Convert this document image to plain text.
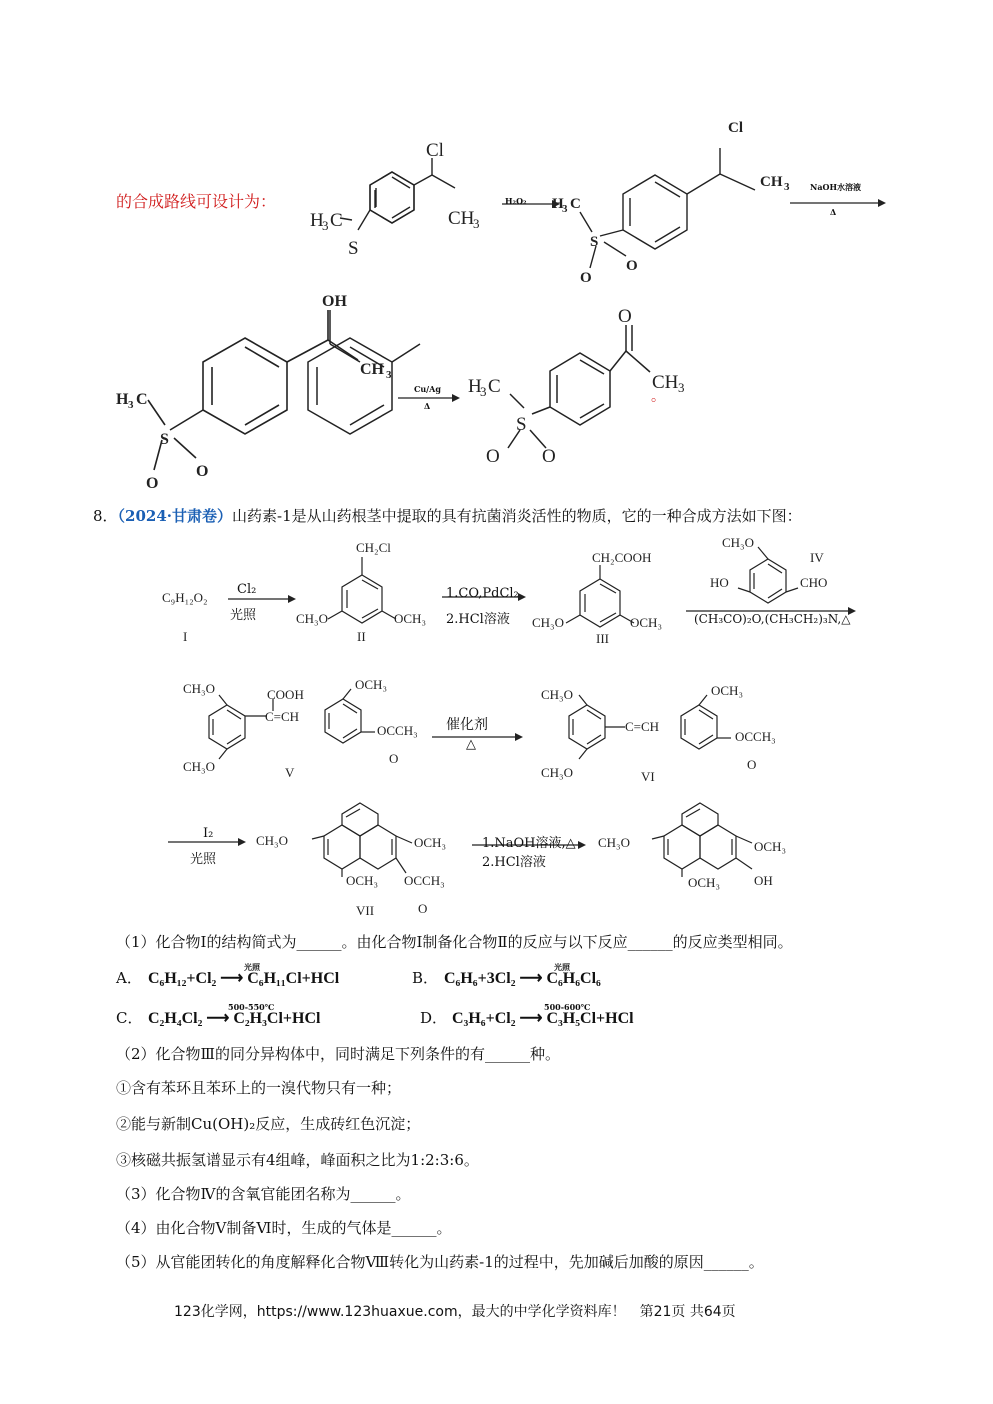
的合成路线可设计为：
Cl
CH
3
H
3 C
S
Cl
CH 3
H
3 C
S
O
O
H₂O₂
NaOH水溶液
Δ
OH
CH 3
H 3 C
S
O
O
O
CH 3
H
3 C
S
O O
Cu/Ag
Δ
。
8．（2024·甘肃卷）山药素-1是从山药根茎中提取的具有抗菌消炎活性的物质，它的一种合成方法如下图：
C₉H₁₂O₂
I
CH₂Cl
CH₃O	OCH₃
II
CH₂COOH
CH₃O	OCH₃
III
CH₃O
IV
HO	CHO
Cl₂
光照
1.CO,PdCl₂
2.HCl溶液	(CH₃CO)₂O,(CH₃CH₂)₃N,△
CH₃O
CH₃O
COOH
C=CH
OCH₃
OCCH₃
O
V
CH₃O
CH₃O
C=CH
OCH₃
OCCH₃
O
VI
催化剂
△
CH₃O	OCH₃
OCH₃ OCCH₃
O
VII
CH₃O	OCH₃
OCH₃	OH
I₂
光照
1.NaOH溶液,△
2.HCl溶液
（1）化合物Ⅰ的结构简式为______。由化合物Ⅰ制备化合物Ⅱ的反应与以下反应______的反应类型相同。
A． C₆H₁₂+Cl₂ ⟶ C₆H₁₁Cl+HCl
光照
B． C₆H₆+3Cl₂ ⟶ C₆H₆Cl₆
光照
C． C₂H₄Cl₂ ⟶ C₂H₃Cl+HCl
500-550℃
D． C₃H₆+Cl₂ ⟶ C₃H₅Cl+HCl
500-600℃
（2）化合物Ⅲ的同分异构体中，同时满足下列条件的有______种。
①含有苯环且苯环上的一溴代物只有一种；
②能与新制Cu(OH)₂反应，生成砖红色沉淀；
③核磁共振氢谱显示有4组峰，峰面积之比为1:2:3:6。
（3）化合物Ⅳ的含氧官能团名称为______。
（4）由化合物Ⅴ制备Ⅵ时，生成的气体是______。
（5）从官能团转化的角度解释化合物Ⅷ转化为山药素-1的过程中，先加碱后加酸的原因______。
123化学网，https://www.123huaxue.com，最大的中学化学资料库！　第21页 共64页
